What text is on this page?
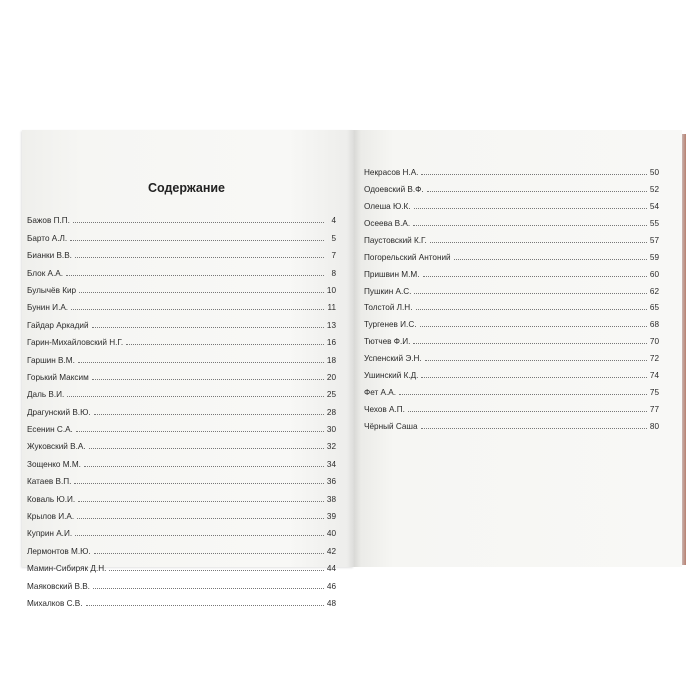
Содержание
Бажов П.П.	4
Барто А.Л.	5
Бианки В.В.	7
Блок А.А.	8
Булычёв Кир	10
Бунин И.А.	11
Гайдар Аркадий	13
Гарин-Михайловский Н.Г.	16
Гаршин В.М.	18
Горький Максим	20
Даль В.И.	25
Драгунский В.Ю.	28
Есенин С.А.	30
Жуковский В.А.	32
Зощенко М.М.	34
Катаев В.П.	36
Коваль Ю.И.	38
Крылов И.А.	39
Куприн А.И.	40
Лермонтов М.Ю.	42
Мамин-Сибиряк Д.Н.	44
Маяковский В.В.	46
Михалков С.В.	48
Некрасов Н.А.	50
Одоевский В.Ф.	52
Олеша Ю.К.	54
Осеева В.А.	55
Паустовский К.Г.	57
Погорельский Антоний	59
Пришвин М.М.	60
Пушкин А.С.	62
Толстой Л.Н.	65
Тургенев И.С.	68
Тютчев Ф.И.	70
Успенский Э.Н.	72
Ушинский К.Д.	74
Фет А.А.	75
Чехов А.П.	77
Чёрный Саша	80
